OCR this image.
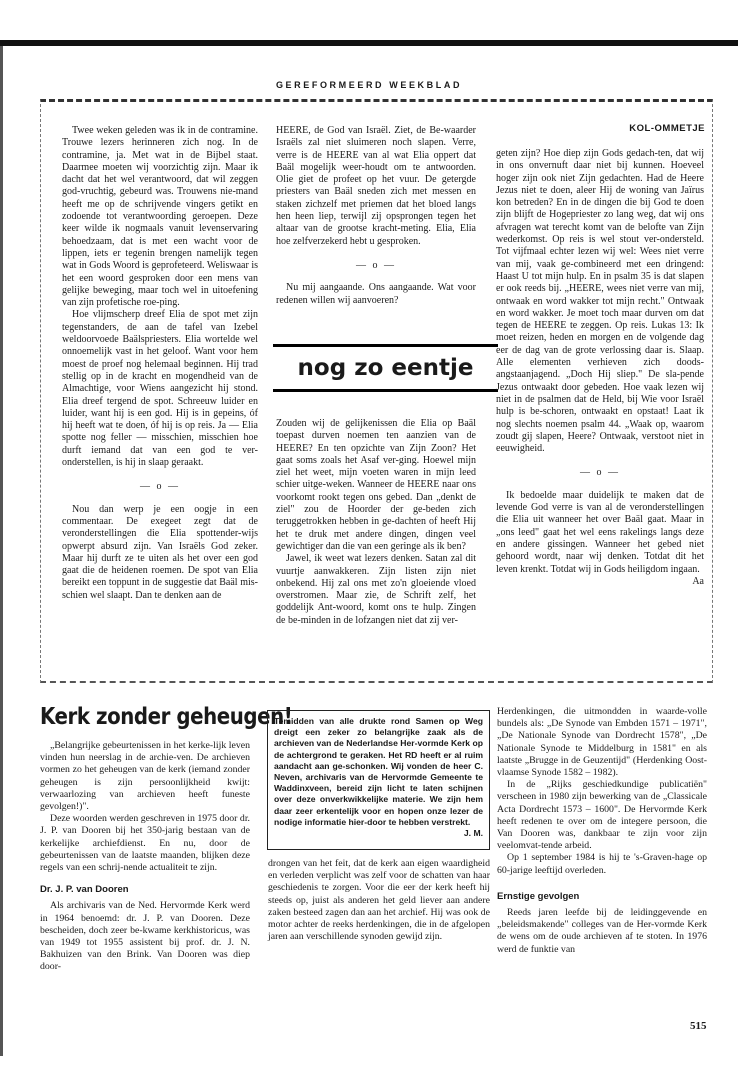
GEREFORMEERD WEEKBLAD
KOL-OMMETJE

Twee weken geleden was ik in de contramine. Trouwe lezers herinneren zich nog. In de contramine, ja. Met wat in de Bijbel staat. Daarmee moeten wij voorzichtig zijn. Maar ik dacht dat het wel verantwoord, dat wil zeggen god-vruchtig, gebeurd was. Trouwens nie-mand heeft me op de schrijvende vingers getikt en zodoende tot verantwoording geroepen. Deze keer wilde ik nogmaals vanuit levenservaring behoedzaam, dat is met een wacht voor de lippen, iets er tegenin brengen namelijk tegen wat in Gods Woord is geprofeteerd. Weliswaar is het een woord gesproken door een mens van gelijke beweging, maar toch wel in uitoefening van zijn profetische roe-ping.

Hoe vlijmscherp dreef Elia de spot met zijn tegenstanders, de aan de tafel van Izebel weldoorvoede Baälspriesters. Elia wortelde wel onnoemelijk vast in het geloof. Want voor hem moest de proef nog helemaal beginnen. Hij trad stellig op in de kracht en mogendheid van de Almachtige, voor Wiens aangezicht hij stond. Elia dreef tergend de spot. Schreeuw luider en luider, want hij is een god. Hij is in gepeins, óf hij heeft wat te doen, óf hij is op reis. Ja — Elia spotte nog feller — misschien, misschien hoe durft iemand dat van een god te ver-onderstellen, is hij in slaap geraakt.

— o —

Nou dan werp je een oogje in een commentaar. De exegeet zegt dat de veronderstellingen die Elia spottender-wijs opwerpt absurd zijn. Van Israëls God zeker. Maar hij durft ze te uiten als het over een god gaat die de heidenen roemen. De spot van Elia bereikt een toppunt in de suggestie dat Baäl mis-schien wel slaapt. Dan te denken aan de

HEERE, de God van Israël. Ziet, de Be-waarder Israëls zal niet sluimeren noch slapen. Verre, verre is de HEERE van al wat Elia oppert dat Baäl mogelijk weer-houdt om te antwoorden. Olie giet de profeet op het vuur. De getergde priesters van Baäl sneden zich met messen en staken zichzelf met priemen dat het bloed langs hen heen liep, terwijl zij opsprongen tegen het altaar van de grootse kracht-meting. Elia, Elia hoe zelfverzekerd hebt u gesproken.

— o —

Nu mij aangaande. Ons aangaande. Wat voor redenen willen wij aanvoeren?

nog zo eentje

Zouden wij de gelijkenissen die Elia op Baäl toepast durven noemen ten aanzien van de HEERE? En ten opzichte van Zijn Zoon? Het gaat soms zoals het Asaf ver-ging. Hoewel mijn ziel het weet, mijn voeten waren in mijn leed schier uitge-weken. Wanneer de HEERE naar ons voorkomt rookt tegen ons gebed. Dan „denkt de ziel" zou de Hoorder der ge-beden zich teruggetrokken hebben in ge-dachten of heeft Hij het te druk met andere dingen, dingen veel gewichtiger dan die van een geringe als ik ben?

Jawel, ik weet wat lezers denken. Satan zal dit vuurtje aanwakkeren. Zijn listen zijn niet onbekend. Hij zal ons met zo'n gloeiende vloed overstromen. Maar zie, de Schrift zelf, het goddelijk Ant-woord, komt ons te hulp. Zingen de be-minden in de lofzangen niet dat zij ver-

geten zijn? Hoe diep zijn Gods gedach-ten, dat wij in ons onvernuft daar niet bij kunnen. Hoeveel hoger zijn ook niet Zijn gedachten. Had de Heere Jezus niet te doen, aleer Hij de woning van Jaïrus kon betreden? En in de dingen die bij God te doen zijn blijft de Hogepriester zo lang weg, dat wij ons afvragen wat terecht komt van de belofte van Zijn wederkomst. Op reis is wel stout ver-ondersteld. Tot vijfmaal echter lezen wij wel: Wees niet verre van mij, vaak ge-combineerd met een dringend: Haast U tot mijn hulp. En in psalm 35 is dat slapen er ook reeds bij. „HEERE, wees niet verre van mij, ontwaak en word wakker tot mijn recht." Ontwaak en word wakker. Je moet toch maar durven om dat tegen de HEERE te zeggen. Op reis. Lukas 13: Ik moet reizen, heden en morgen en de volgende dag eer de dag van de grote verlossing daar is. Slaap. Alle elementen verhieven zich doods-angstaanjagend. „Doch Hij sliep." De sla-pende Jezus ontwaakt door gebeden. Hoe vaak lezen wij niet in de psalmen dat de Held, bij Wie voor Israël hulp is be-schoren, ontwaakt en opstaat! Laat ik nog slechts noemen psalm 44. „Waak op, waarom zoudt gij slapen, Heere? Ontwaak, verstoot niet in eeuwigheid.

— o —

Ik bedoelde maar duidelijk te maken dat de levende God verre is van al de veronderstellingen die Elia uit wanneer het over Baäl gaat. Maar in „ons leed" gaat het wel eens rakelings langs deze en andere gissingen. Wanneer het gebed niet gehoord wordt, naar wij denken. Totdat dit het leven krenkt. Totdat wij in Gods heiligdom ingaan.

Aa
Kerk zonder geheugen!

„Belangrijke gebeurtenissen in het kerke-lijk leven vinden hun neerslag in de archie-ven. De archieven vormen zo het geheugen van de kerk (iemand zonder geheugen is zijn persoonlijkheid kwijt: verwaarlozing van archieven heeft funeste gevolgen!)".

Deze woorden werden geschreven in 1975 door dr. J. P. van Dooren bij het 350-jarig bestaan van de kerkelijke archiefdienst. En nu, door de gebeurtenissen van de laatste maanden, blijken deze regels van een schrij-nende actualiteit te zijn.

Dr. J. P. van Dooren

Als archivaris van de Ned. Hervormde Kerk werd in 1964 benoemd: dr. J. P. van Dooren. Deze bescheiden, doch zeer be-kwame kerkhistoricus, was van 1949 tot 1955 assistent bij prof. dr. J. N. Bakhuizen van den Brink. Van Dooren was diep door-

Temidden van alle drukte rond Samen op Weg dreigt een zeker zo belangrijke zaak als de archieven van de Nederlandse Her-vormde Kerk op de achtergrond te geraken. Het RD heeft er al ruim aandacht aan ge-schonken. Wij vonden de heer C. Neven, archivaris van de Hervormde Gemeente te Waddinxveen, bereid zijn licht te laten schijnen over deze onverkwikkelijke materie. We zijn hem daar zeer erkentelijk voor en hopen onze lezer de nodige informatie hier-door te hebben verstrekt.
J. M.

drongen van het feit, dat de kerk aan eigen waardigheid en verleden verplicht was zelf voor de schatten van haar geschiedenis te zorgen. Voor die eer der kerk heeft hij steeds op, juist als anderen het geld liever aan andere zaken besteed zagen dan aan het archief. Hij was ook de motor achter de reeks herdenkingen, die in de afgelopen jaren aan verschillende synoden gewijd zijn.

Herdenkingen, die uitmondden in waarde-volle bundels als: „De Synode van Embden 1571 – 1971", „De Nationale Synode van Dordrecht 1578", „De Nationale Synode te Middelburg in 1581" en als laatste „Brugge in de Geuzentijd" (Herdenking Oost-vlaamse Synode 1582 – 1982).

In de „Rijks geschiedkundige publicatiën" verscheen in 1980 zijn bewerking van de „Classicale Acta Dordrecht 1573 – 1600". De Hervormde Kerk heeft redenen te over om de integere persoon, die Van Dooren was, dankbaar te zijn voor zijn veelomvat-tende arbeid.

Op 1 september 1984 is hij te 's-Graven-hage op 60-jarige leeftijd overleden.

Ernstige gevolgen

Reeds jaren leefde bij de leidinggevende en „beleidsmakende" colleges van de Her-vormde Kerk de wens om de oude archieven af te stoten. In 1976 werd de funktie van

515
